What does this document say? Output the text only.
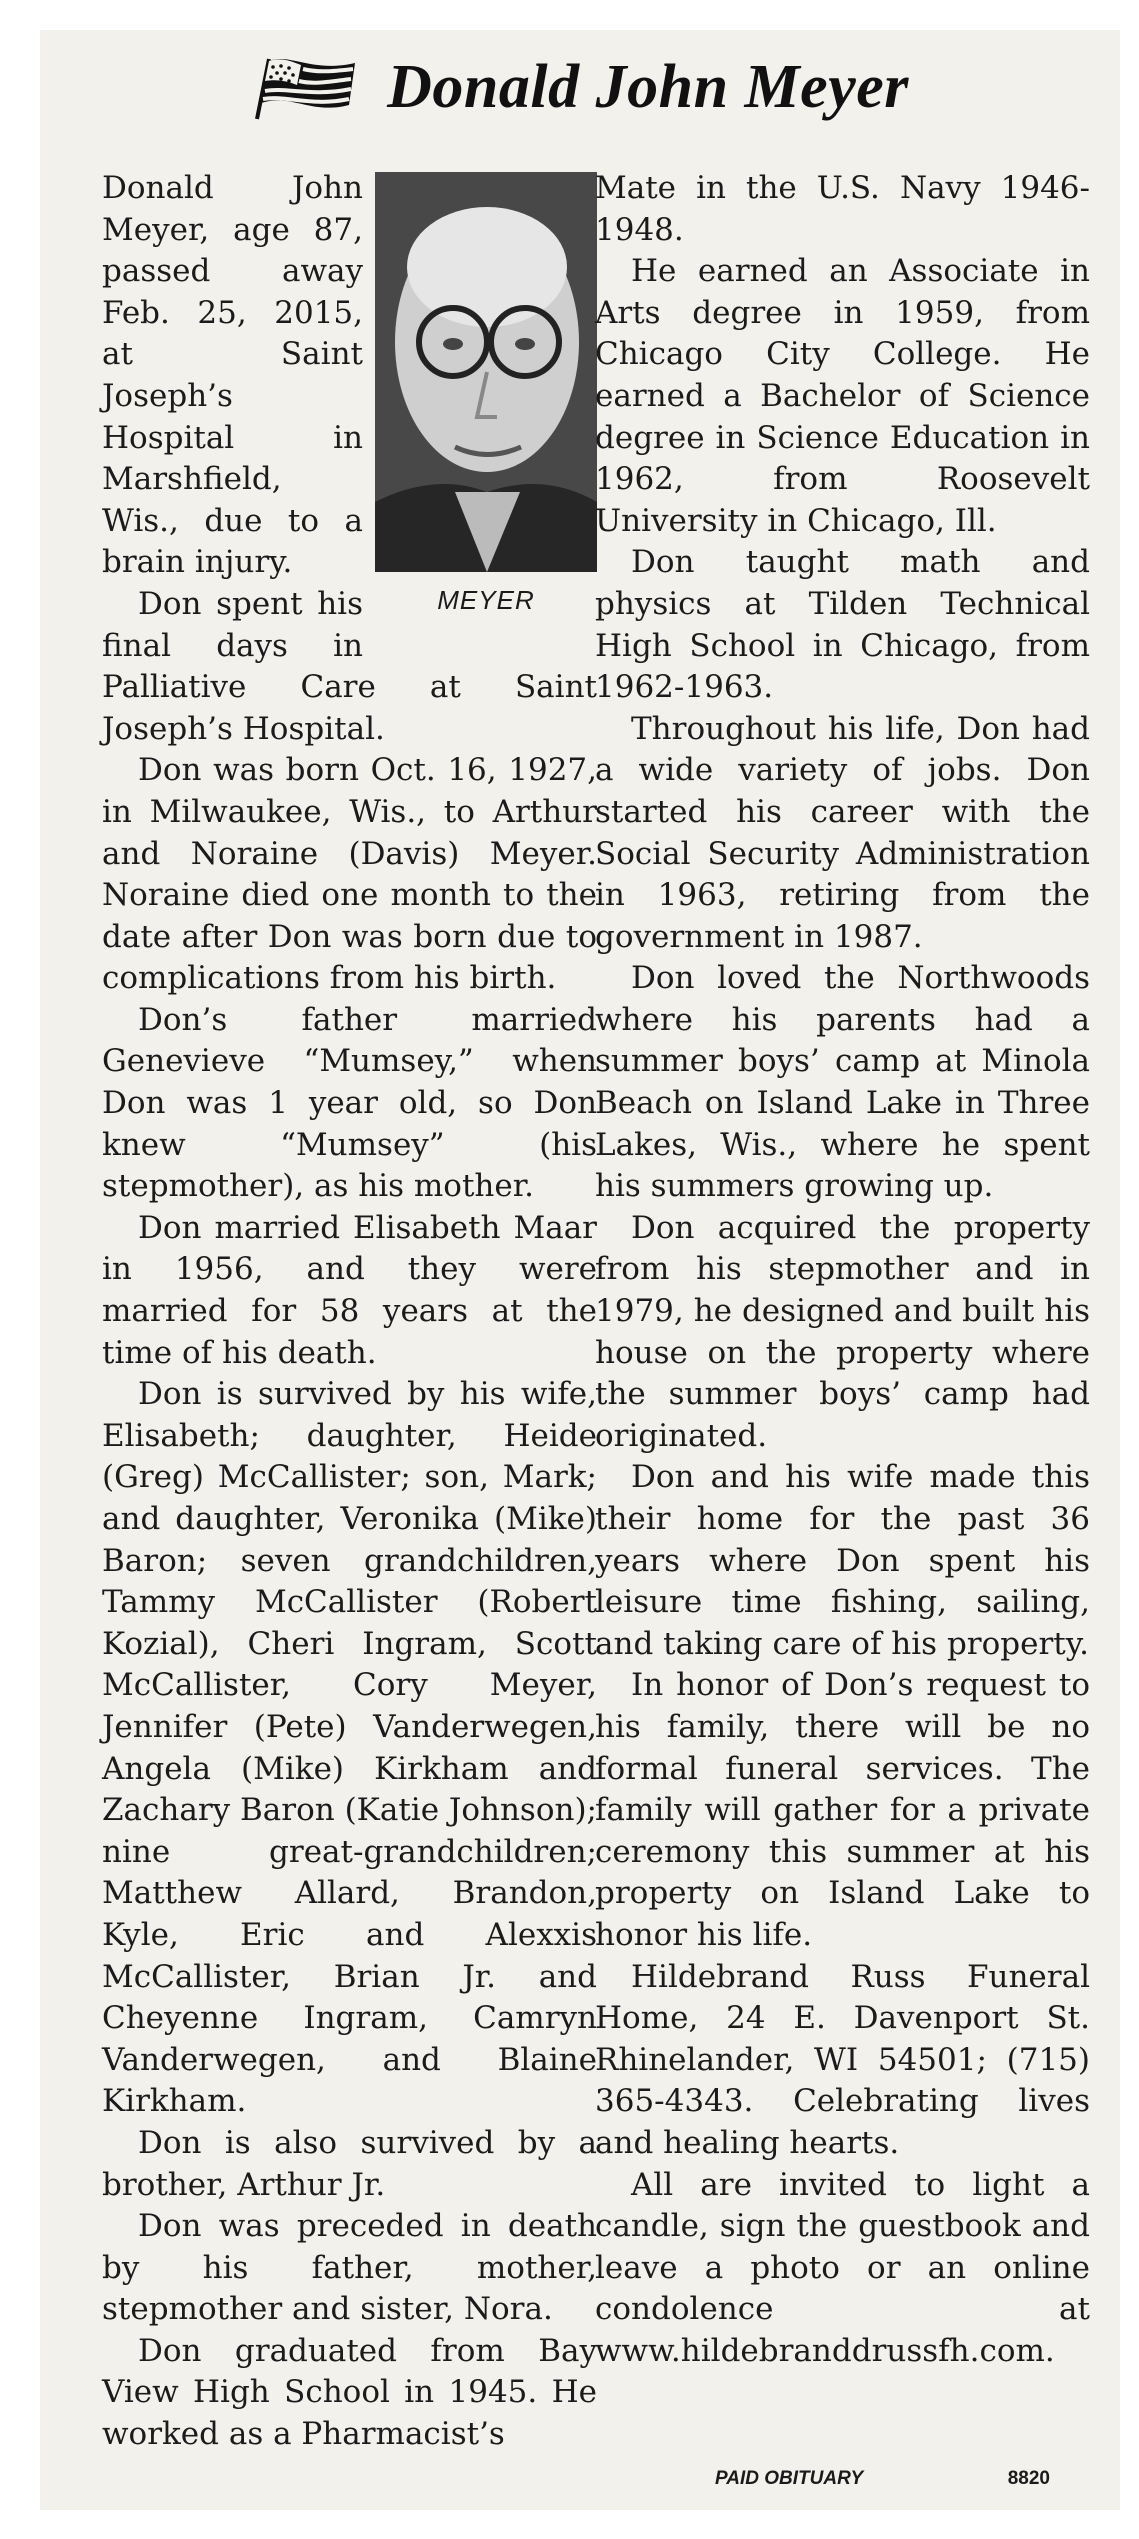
Donald John Meyer
MEYER

Donald John Meyer, age 87, passed away Feb. 25, 2015, at Saint Joseph’s Hospital in Marshfield, Wis., due to a brain injury.

Don spent his final days in Palliative Care at Saint Joseph’s Hospital.

Don was born Oct. 16, 1927, in Milwaukee, Wis., to Arthur and Noraine (Davis) Meyer. Noraine died one month to the date after Don was born due to complications from his birth.

Don’s father married Genevieve “Mumsey,” when Don was 1 year old, so Don knew “Mumsey” (his stepmother), as his mother.

Don married Elisabeth Maar in 1956, and they were married for 58 years at the time of his death.

Don is survived by his wife, Elisabeth; daughter, Heide (Greg) McCallister; son, Mark; and daughter, Veronika (Mike) Baron; seven grandchildren, Tammy McCallister (Robert Kozial), Cheri Ingram, Scott McCallister, Cory Meyer, Jennifer (Pete) Vanderwegen, Angela (Mike) Kirkham and Zachary Baron (Katie Johnson); nine great-grandchildren; Matthew Allard, Brandon, Kyle, Eric and Alexxis McCallister, Brian Jr. and Cheyenne Ingram, Camryn Vanderwegen, and Blaine Kirkham.

Don is also survived by a brother, Arthur Jr.

Don was preceded in death by his father, mother, stepmother and sister, Nora.

Don graduated from Bay View High School in 1945. He worked as a Pharmacist’s

Mate in the U.S. Navy 1946-1948.

He earned an Associate in Arts degree in 1959, from Chicago City College. He earned a Bachelor of Science degree in Science Education in 1962, from Roosevelt University in Chicago, Ill.

Don taught math and physics at Tilden Technical High School in Chicago, from 1962-1963.

Throughout his life, Don had a wide variety of jobs. Don started his career with the Social Security Administration in 1963, retiring from the government in 1987.

Don loved the Northwoods where his parents had a summer boys’ camp at Minola Beach on Island Lake in Three Lakes, Wis., where he spent his summers growing up.

Don acquired the property from his stepmother and in 1979, he designed and built his house on the property where the summer boys’ camp had originated.

Don and his wife made this their home for the past 36 years where Don spent his leisure time fishing, sailing, and taking care of his property.

In honor of Don’s request to his family, there will be no formal funeral services. The family will gather for a private ceremony this summer at his property on Island Lake to honor his life.

Hildebrand Russ Funeral Home, 24 E. Davenport St. Rhinelander, WI 54501; (715) 365-4343. Celebrating lives and healing hearts.

All are invited to light a candle, sign the guestbook and leave a photo or an online condolence at www.hildebranddrussfh.com.

PAID OBITUARY	8820
